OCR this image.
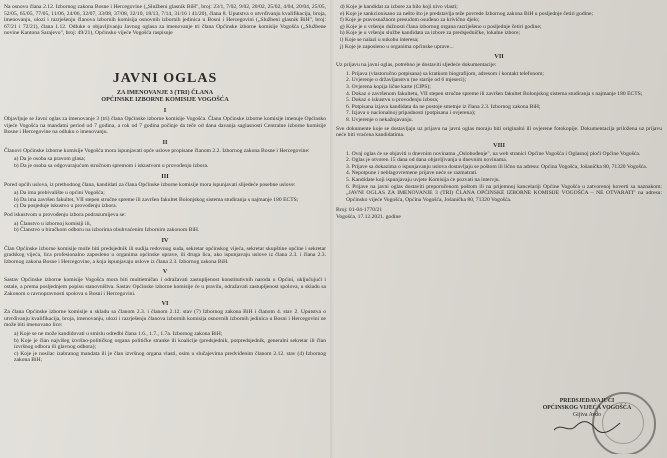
Na osnovu člana 2.12. Izbornog zakona Bosne i Hercegovine („Službeni glasnik BiH", broj: 23/1, 7/02, 9/02, 20/02, 25/02, 4/04, 20/04, 25/05, 52/05, 65/05, 77/05, 11/06, 24/06, 32/07, 33/08, 37/08, 32/10, 18/13, 7/14, 31/16 i 41/20), člana 8. Uputstva o utvrđivanju kvalifikacija, broja, imenovanju, ulozi i razrješenju članova izbornih komisija osnovnih izbornih jedinica u Bosni i Hercegovini („Službeni glasnik BiH", broj: 67/21 i 72/21), člana 1.12. Odluke o objavljivanju Javnog oglasa za imenovanje tri člana Općinske izborne komisije Vogošća („Službene novine Kantona Sarajevo", broj: 49/21), Općinsko vijeće Vogošća raspisuje

JAVNI OGLAS
ZA IMENOVANJE 3 (TRI) ČLANA
OPĆINSKE IZBORNE KOMISIJE VOGOŠĆA
I

Objavljuje se Javni oglas za imenovanje 3 (tri) člana Općinske izborne komisije Vogošća. Članu Općinske izborne komisije imenuje Općinsko vijeće Vogošća na mandatni period od 7 godina, a rok od 7 godina počinje da teče od dana davanja saglasnosti Centralne izborne komisije Bosne i Hercegovine na odluku o imenovanju.

II

Članovi Općinske izborne komisije Vogošća mora ispunjavati opće uslove propisane članom 2.2. Izbornog zakona Bosne i Hercegovine:

a) Da je osoba sa pravom glasa;

b) Da je osoba sa odgovarajućom stručnom spremom i iskustvom u provođenju izbora.

III

Pored općih uslova, iz prethodnog člana, kandidati za člana Općinske izborne komisije mora ispunjavati slijedeće posebne uslove:

a) Da ima prebivalište u općini Vogošća;

b) Da ima završen fakultet, VII stepen stručne spreme ili završen fakultet Bolonjskog sistema studiranja s najmanje 180 ECTS;

c) Da posjeduje iskustvo u provođenju izbora.

Pod iskustvom u provođenju izbora podrazumijeva se:

a) Članstvo u izbornoj komisiji ili,

b) Članstvo u biračkom odboru na izborima obuhvaćenim Izbornim zakonom BiH.

IV

Član Općinske izborne komisije može biti predsjednik ili sudija redovnog suda, sekretar općinskog vijeća, sekretar skupštine općine i sekretar gradskog vijeća, lica profesionalno zaposleno u organima općinske uprave, ili druga lica, ako ispunjavaju uslove iz člana 2.3. i člana 2.3. Izbornog zakona Bosne i Hercegovine, a koja ispunjavaju uslove iz člana 2.3. Izbornog zakona BiH.

V

Sastav Općinske izborne komisije Vogošća mora biti multietničan i odražavati zastupljenost konstitutivnih naroda u Općini, uključujući i ostale, a prema posljednjem popisu stanovništva. Sastav Općinske izborne komisije će u pravilu, odražavati zastupljenost spolova, u skladu sa Zakonom o ravnopravnosti spolova u Bosni i Hercegovini.

VI

Za člana Općinske izborne komisije u skladu sa članom 2.3. i članom 2.12. stav (7) Izbornog zakona BiH i članom 4. stav 2. Uputstva o utvrđivanju kvalifikacija, broja, imenovanju, ulozi i razrješenju članova izbornih komisija osnovnih izbornih jedinica u Bosni i Hercegovini ne može biti imenovano lice:

a) Koje se ne može kandidovati u smislu odredbi člana 1.6., 1.7., 1.7a. Izbornog zakona BiH;

b) Koje je član najvišeg izvršno-političkog organa političke stranke ili koalicije (predsjednik, potpredsjednik, generalni sekretar ili član izvršnog odbora ili glavnog odbora);

c) Koje je nosilac izabranog mandata ili je član izvršnog organa vlasti, osim u slučajevima predviđenim članom 2.12. stav (4) Izbornog zakona BiH;

d) Koje je kandidat za izbore za bilo koji nivo vlasti;

e) Koje je sankcionisano za nešto što je predstavlja teže povrede Izbornog zakona BiH u posljednje četiri godine;

f) Koje je pravosnažnom presudom osuđeno za krivično djelo;

g) Koje je u vršenju dužnosti člana izbornog organa razriješeno u posljednje četiri godine;

h) Koje je u vršenju službe kandidata za izbore za predsjedničke, lokalne izbore;

i) Koje se nalazi u sukobu interesa;

j) Koje je zaposleno u organima općinske uprave...

VII

Uz prijavu na javni oglas, potrebno je dostaviti sljedeće dokumentacije:

1. Prijava (vlastoručno potpisana) sa kratkom biografijom, adresom i kontakt telefonom;

2. Uvjerenje o državljanstvu (ne starije od 6 mjeseci);

3. Ovjerena kopija lične karte (CIPS);

4. Dokaz o završenom fakultetu, VII stepen stručne spreme ili završen fakultet Bolonjskog sistema studiranja s najmanje 180 ECTS;

5. Dokaz o iskustvu u provođenju izbora;

6. Potpisana izjava kandidata da ne postoje smetnje iz člana 2.3. Izbornog zakona BiH;

7. Izjava o nacionalnoj pripadnosti (potpisana i ovjerena);

8. Uvjerenje o nekažnjavanju.

Sve dokumente koje se dostavljaju uz prijavu na javni oglas moraju biti originalni ili ovjerene fotokopije. Dokumentacija priložena uz prijavu neće biti vraćena kandidatima.

VIII

1. Ovaj oglas će se objaviti u dnevnim novinama „Oslobođenje", na web stranici Općine Vogošća i Oglasnoj ploči Općine Vogošća.

2. Oglas je otvoren 15 dana od dana objavljivanja u dnevnim novinama.

3. Prijave sa dokazima o ispunjavanju uslova dostavljaju se poštom ili lično na adresu: Općina Vogošća, Jošanička 80, 71320 Vogošća.

4. Nepotpune i neblagovremene prijave neće se razmatrati.

5. Kandidate koji ispunjavaju uvjete Komisija će pozvati na intervju.

6. Prijave na javni oglas dostaviti preporučenom poštom ili na prijemnoj kancelariji Općine Vogošća u zatvorenoj koverti sa naznakom: „JAVNI OGLAS ZA IMENOVANJE 3 (TRI) ČLANA OPĆINSKE IZBORNE KOMISIJE VOGOŠĆA – NE OTVARATI" na adresu: Općinsko vijeće Vogošća, Općina Vogošća, Jošanička 80, 71320 Vogošća.

Broj: 01-04-1770/21
Vogošća, 17.12.2021. godine
PREDSJEDAVAJUĆI
OPĆINSKOG VIJEĆA VOGOŠĆA
Gijiva Avdo
